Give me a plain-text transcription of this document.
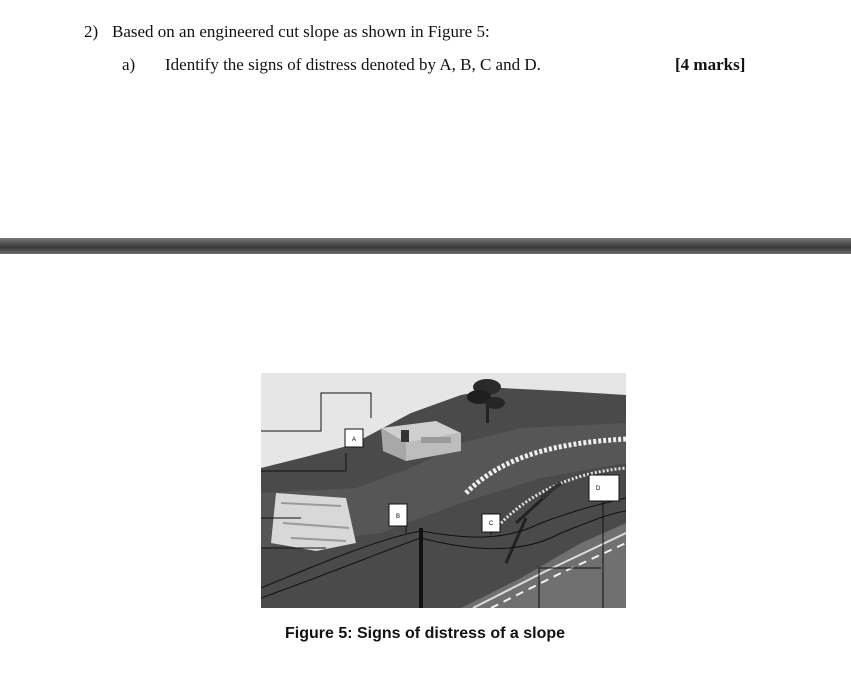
2) Based on an engineered cut slope as shown in Figure 5:
a) Identify the signs of distress denoted by A, B, C and D.	[4 marks]
A
B
C
D
Figure 5: Signs of distress of a slope
